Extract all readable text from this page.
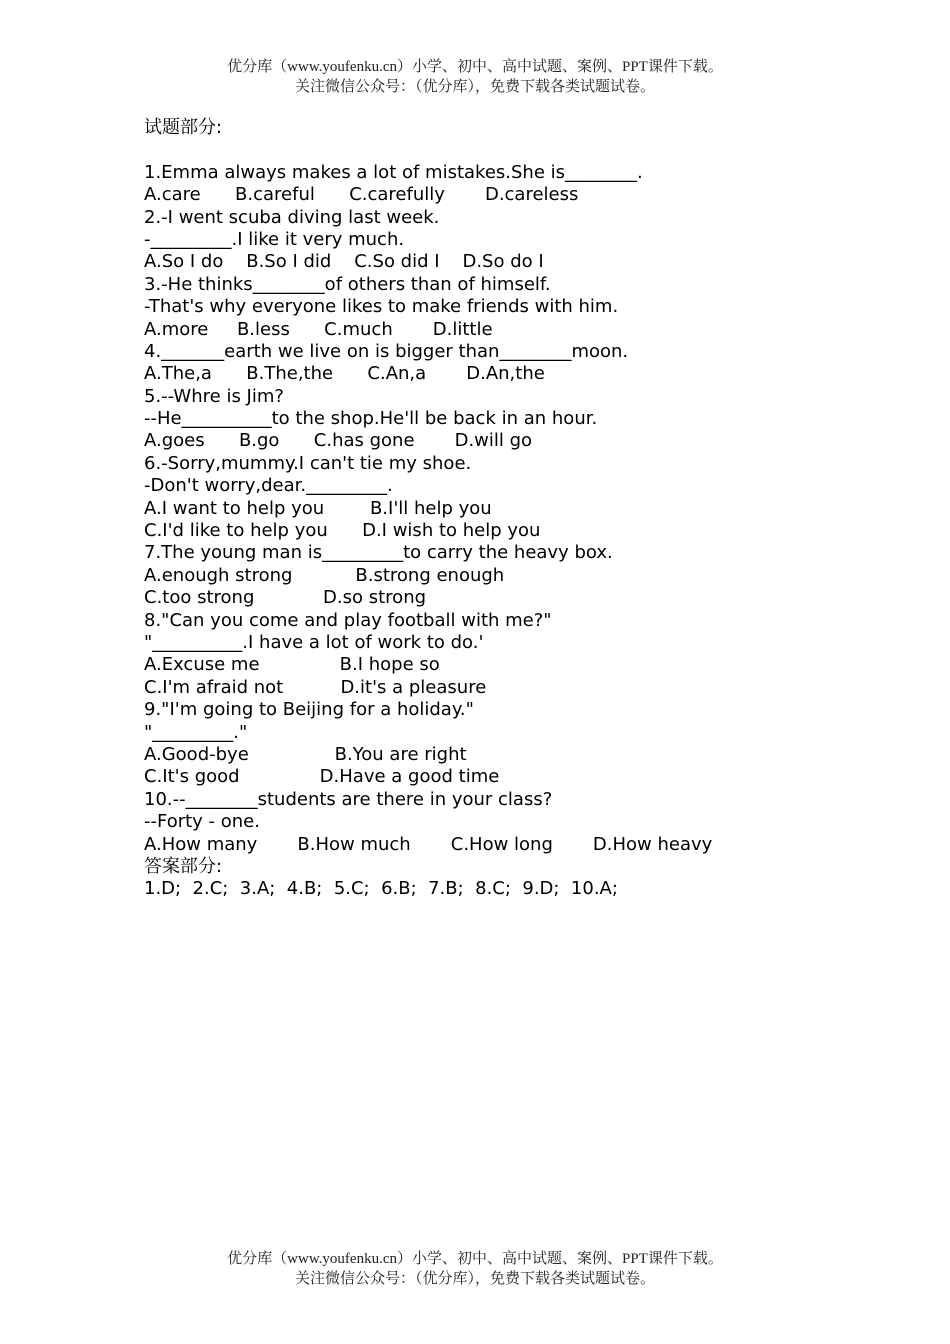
优分库（www.youfenku.cn）小学、初中、高中试题、案例、PPT课件下载。
关注微信公众号：（优分库），免费下载各类试题试卷。
试题部分:
1.Emma always makes a lot of mistakes.She is________.
A.care      B.careful      C.carefully       D.careless
2.-I went scuba diving last week.
-_________.I like it very much.
A.So I do    B.So I did    C.So did I    D.So do I
3.-He thinks________of others than of himself.
-That's why everyone likes to make friends with him.
A.more     B.less      C.much       D.little
4._______earth we live on is bigger than________moon.
A.The,a      B.The,the      C.An,a       D.An,the
5.--Whre is Jim?
--He__________to the shop.He'll be back in an hour.
A.goes      B.go      C.has gone       D.will go
6.-Sorry,mummy.I can't tie my shoe.
-Don't worry,dear._________.
A.I want to help you        B.I'll help you
C.I'd like to help you      D.I wish to help you
7.The young man is_________to carry the heavy box.
A.enough strong           B.strong enough
C.too strong            D.so strong
8."Can you come and play football with me?"
"__________.I have a lot of work to do.'
A.Excuse me              B.I hope so
C.I'm afraid not          D.it's a pleasure
9."I'm going to Beijing for a holiday."
"_________."
A.Good-bye               B.You are right
C.It's good              D.Have a good time
10.--________students are there in your class?
--Forty - one.
A.How many       B.How much       C.How long       D.How heavy
答案部分:
1.D;  2.C;  3.A;  4.B;  5.C;  6.B;  7.B;  8.C;  9.D;  10.A;
优分库（www.youfenku.cn）小学、初中、高中试题、案例、PPT课件下载。
关注微信公众号：（优分库），免费下载各类试题试卷。
